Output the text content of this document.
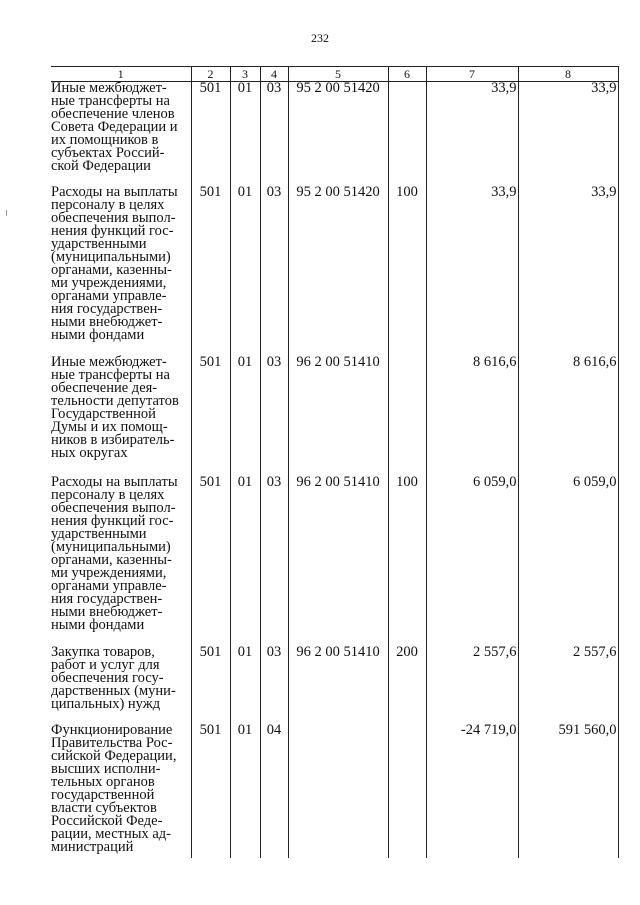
232
1	2	3	4	5	6	7	8
Иные межбюджет-ные трансферты на обеспечение членов Совета Федерации и их помощников в субъектах Россий-ской Федерации	501	01	03	95 2 00 51420		33,9	33,9
Расходы на выплаты персоналу в целях обеспечения выпол-нения функций гос-ударственными (муниципальными) органами, казенны-ми учреждениями, органами управле-ния государствен-ными внебюджет-ными фондами	501	01	03	95 2 00 51420	100	33,9	33,9
Иные межбюджет-ные трансферты на обеспечение дея-тельности депутатов Государственной Думы и их помощ-ников в избиратель-ных округах	501	01	03	96 2 00 51410		8 616,6	8 616,6
Расходы на выплаты персоналу в целях обеспечения выпол-нения функций гос-ударственными (муниципальными) органами, казенны-ми учреждениями, органами управле-ния государствен-ными внебюджет-ными фондами	501	01	03	96 2 00 51410	100	6 059,0	6 059,0
Закупка товаров, работ и услуг для обеспечения госу-дарственных (муни-ципальных) нужд	501	01	03	96 2 00 51410	200	2 557,6	2 557,6
Функционирование Правительства Рос-сийской Федерации, высших исполни-тельных органов государственной власти субъектов Российской Феде-рации, местных ад-министраций	501	01	04			-24 719,0	591 560,0
